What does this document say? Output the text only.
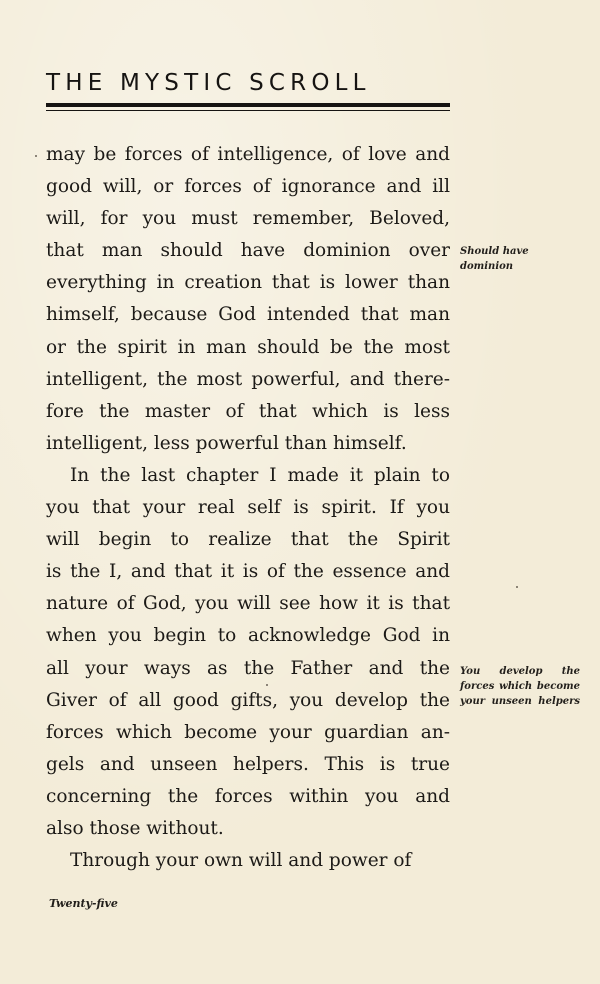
THE MYSTIC SCROLL
may be forces of intelligence, of love and
good will, or forces of ignorance and ill
will, for you must remember, Beloved,
that man should have dominion over
everything in creation that is lower than
himself, because God intended that man
or the spirit in man should be the most
intelligent, the most powerful, and there-
fore the master of that which is less
intelligent, less powerful than himself.
In the last chapter I made it plain to
you that your real self is spirit. If you
will begin to realize that the Spirit
is the I, and that it is of the essence and
nature of God, you will see how it is that
when you begin to acknowledge God in
all your ways as the Father and the
Giver of all good gifts, you develop the
forces which become your guardian an-
gels and unseen helpers. This is true
concerning the forces within you and
also those without.
Through your own will and power of
Should have
dominion
You develop the
forces which become
your unseen helpers
Twenty-five
